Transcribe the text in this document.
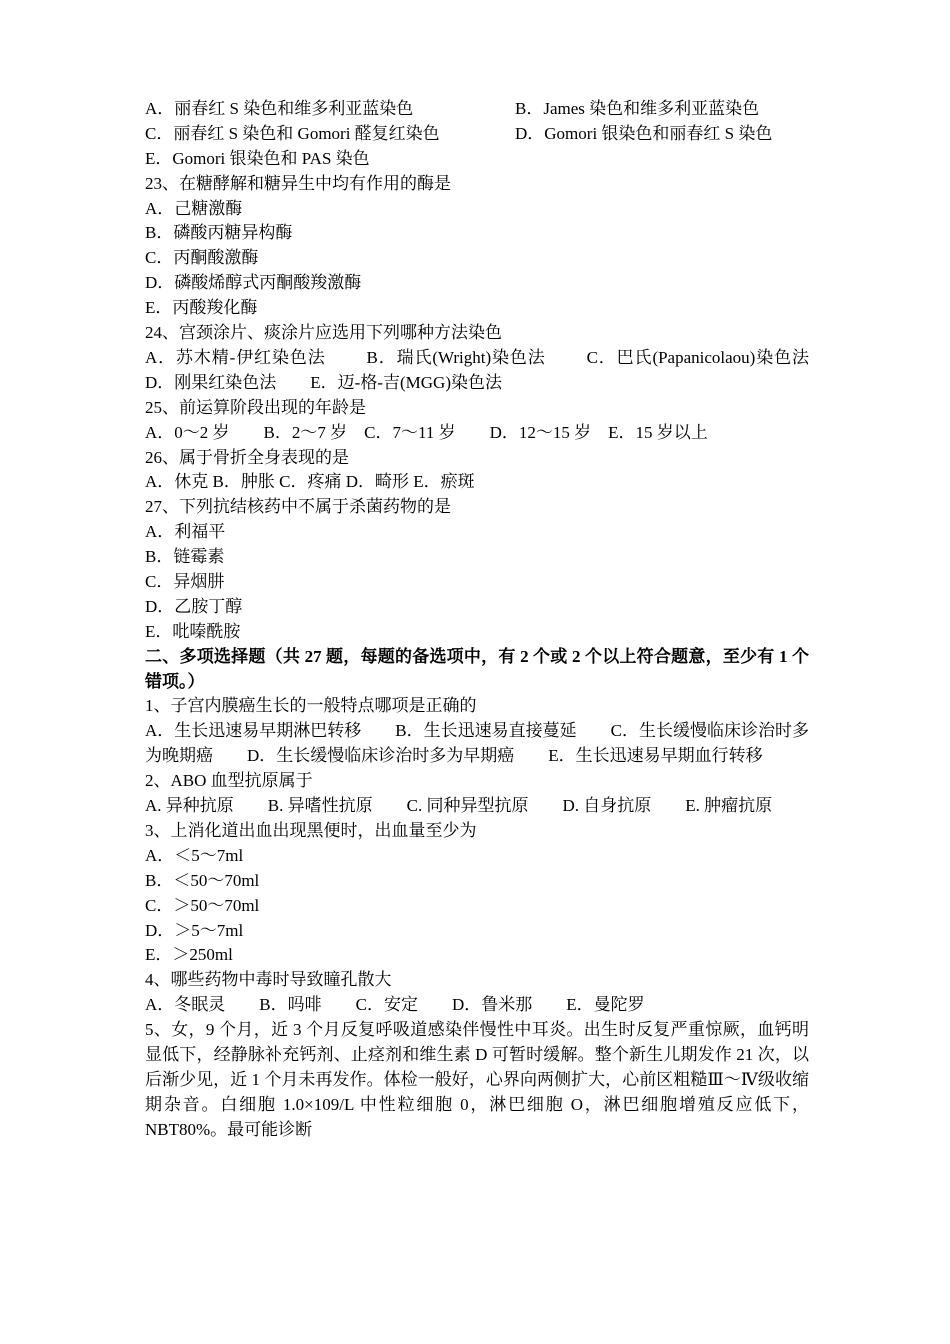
A．丽春红 S 染色和维多利亚蓝染色	B．James 染色和维多利亚蓝染色
C．丽春红 S 染色和 Gomori 醛复红染色	D．Gomori 银染色和丽春红 S 染色
E．Gomori 银染色和 PAS 染色
23、在糖酵解和糖异生中均有作用的酶是
A．己糖激酶
B．磷酸丙糖异构酶
C．丙酮酸激酶
D．磷酸烯醇式丙酮酸羧激酶
E．丙酸羧化酶
24、宫颈涂片、痰涂片应选用下列哪种方法染色
A．苏木精-伊红染色法　　 B．瑞氏(Wright)染色法　　 C．巴氏(Papanicolaou)染色法　　D．刚果红染色法　　E．迈-格-吉(MGG)染色法
25、前运算阶段出现的年龄是
A．0～2 岁　　B．2～7 岁　C．7～11 岁　　D．12～15 岁　E．15 岁以上
26、属于骨折全身表现的是
A．休克 B．肿胀 C．疼痛 D．畸形 E．瘀斑
27、下列抗结核药中不属于杀菌药物的是
A．利福平
B．链霉素
C．异烟肼
D．乙胺丁醇
E．吡嗪酰胺
二、多项选择题（共 27 题，每题的备选项中，有 2 个或 2 个以上符合题意，至少有 1 个错项。）
1、子宫内膜癌生长的一般特点哪项是正确的
A．生长迅速易早期淋巴转移　　B．生长迅速易直接蔓延　　C．生长缓慢临床诊治时多为晚期癌　　D．生长缓慢临床诊治时多为早期癌　　E．生长迅速易早期血行转移
2、ABO 血型抗原属于
A. 异种抗原　　B. 异嗜性抗原　　C. 同种异型抗原　　D. 自身抗原　　E. 肿瘤抗原
3、上消化道出血出现黑便时，出血量至少为
A．＜5～7ml
B．＜50～70ml
C．＞50～70ml
D．＞5～7ml
E．＞250ml
4、哪些药物中毒时导致瞳孔散大
A．冬眠灵　　B．吗啡　　C．安定　　D．鲁米那　　E．曼陀罗
5、女，9 个月，近 3 个月反复呼吸道感染伴慢性中耳炎。出生时反复严重惊厥，血钙明显低下，经静脉补充钙剂、止痉剂和维生素 D 可暂时缓解。整个新生儿期发作 21 次，以后渐少见，近 1 个月未再发作。体检一般好，心界向两侧扩大，心前区粗糙Ⅲ～Ⅳ级收缩期杂音。白细胞 1.0×109/L 中性粒细胞 0，淋巴细胞 O，淋巴细胞增殖反应低下，NBT80%。最可能诊断
